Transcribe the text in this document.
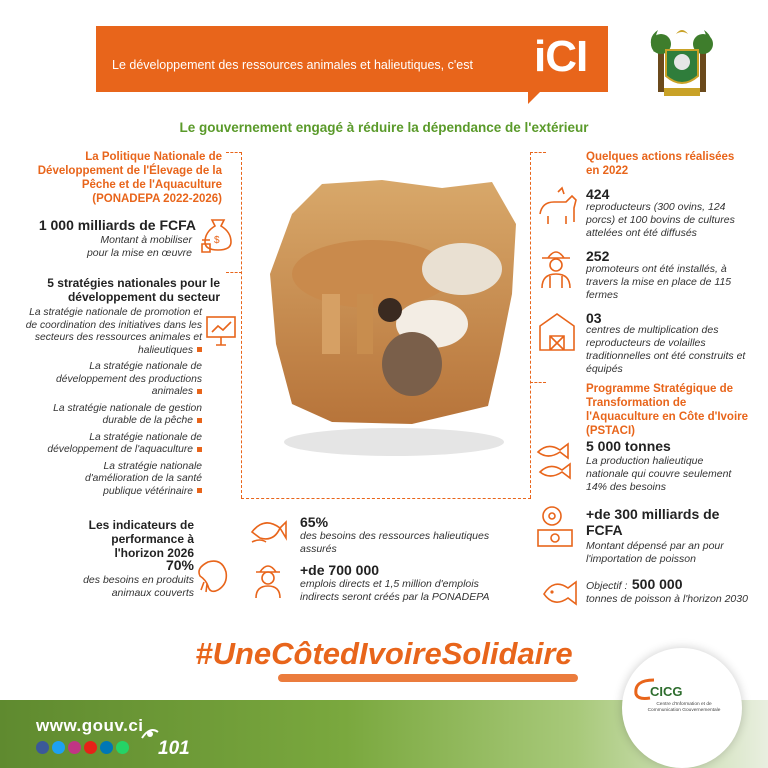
Le développement des ressources animales et halieutiques, c'est iCI
Le gouvernement engagé à réduire la dépendance de l'extérieur
La Politique Nationale de Développement de l'Élevage de la Pêche et de l'Aquaculture (PONADEPA 2022-2026)
1 000 milliards de FCFA
Montant à mobiliser pour la mise en œuvre
$
5 stratégies nationales pour le développement du secteur
La stratégie nationale de promotion et de coordination des initiatives dans les secteurs des ressources animales et halieutiques
La stratégie nationale de développement des productions animales
La stratégie nationale de gestion durable de la pêche
La stratégie nationale de développement de l'aquaculture
La stratégie nationale d'amélioration de la santé publique vétérinaire
Les indicateurs de performance à l'horizon 2026
70%
des besoins en produits animaux couverts
65%
des besoins des ressources halieutiques assurés
+de 700 000
emplois directs et 1,5 million d'emplois indirects seront créés par la PONADEPA
Quelques actions réalisées en 2022
424
reproducteurs (300 ovins, 124 porcs) et 100 bovins de cultures attelées ont été diffusés
252
promoteurs ont été installés, à travers la mise en place de 115 fermes
03
centres de multiplication des reproducteurs de volailles traditionnelles ont été construits et équipés
Programme Stratégique de Transformation de l'Aquaculture en Côte d'Ivoire (PSTACI)
5 000 tonnes
La production halieutique nationale qui couvre seulement 14% des besoins
+de 300 milliards de FCFA
Montant dépensé par an pour l'importation de poisson
Objectif : 500 000
tonnes de poisson à l'horizon 2030
#UneCôtedIvoireSolidaire
www.gouv.ci
101
CICG
Centre d'Information et de Communication Gouvernementale
